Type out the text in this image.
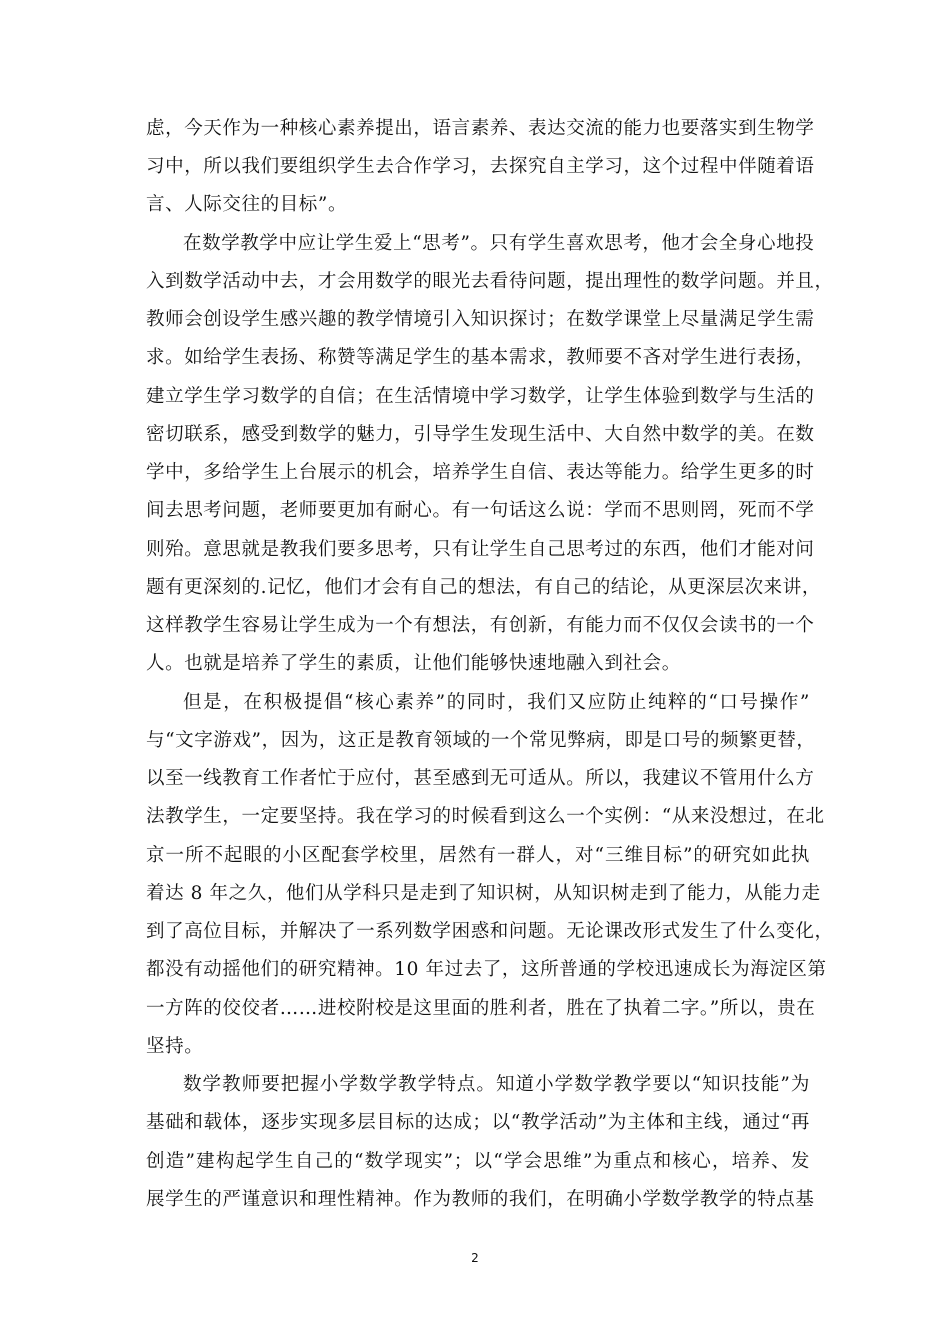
虑，今天作为一种核心素养提出，语言素养、表达交流的能力也要落实到生物学
习中，所以我们要组织学生去合作学习，去探究自主学习，这个过程中伴随着语
言、人际交往的目标”。
在数学教学中应让学生爱上“思考”。只有学生喜欢思考，他才会全身心地投
入到数学活动中去，才会用数学的眼光去看待问题，提出理性的数学问题。并且，
教师会创设学生感兴趣的教学情境引入知识探讨；在数学课堂上尽量满足学生需
求。如给学生表扬、称赞等满足学生的基本需求，教师要不吝对学生进行表扬，
建立学生学习数学的自信；在生活情境中学习数学，让学生体验到数学与生活的
密切联系，感受到数学的魅力，引导学生发现生活中、大自然中数学的美。在数
学中，多给学生上台展示的机会，培养学生自信、表达等能力。给学生更多的时
间去思考问题，老师要更加有耐心。有一句话这么说：学而不思则罔，死而不学
则殆。意思就是教我们要多思考，只有让学生自己思考过的东西，他们才能对问
题有更深刻的.记忆，他们才会有自己的想法，有自己的结论，从更深层次来讲，
这样教学生容易让学生成为一个有想法，有创新，有能力而不仅仅会读书的一个
人。也就是培养了学生的素质，让他们能够快速地融入到社会。
但是，在积极提倡“核心素养”的同时，我们又应防止纯粹的“口号操作”
与“文字游戏”，因为，这正是教育领域的一个常见弊病，即是口号的频繁更替，
以至一线教育工作者忙于应付，甚至感到无可适从。所以，我建议不管用什么方
法教学生，一定要坚持。我在学习的时候看到这么一个实例：“从来没想过，在北
京一所不起眼的小区配套学校里，居然有一群人，对“三维目标”的研究如此执
着达 8 年之久，他们从学科只是走到了知识树，从知识树走到了能力，从能力走
到了高位目标，并解决了一系列数学困惑和问题。无论课改形式发生了什么变化，
都没有动摇他们的研究精神。10 年过去了，这所普通的学校迅速成长为海淀区第
一方阵的佼佼者……进校附校是这里面的胜利者，胜在了执着二字。”所以，贵在
坚持。
数学教师要把握小学数学教学特点。知道小学数学教学要以“知识技能”为
基础和载体，逐步实现多层目标的达成；以“教学活动”为主体和主线，通过“再
创造”建构起学生自己的“数学现实”；以“学会思维”为重点和核心，培养、发
展学生的严谨意识和理性精神。作为教师的我们，在明确小学数学教学的特点基
2
